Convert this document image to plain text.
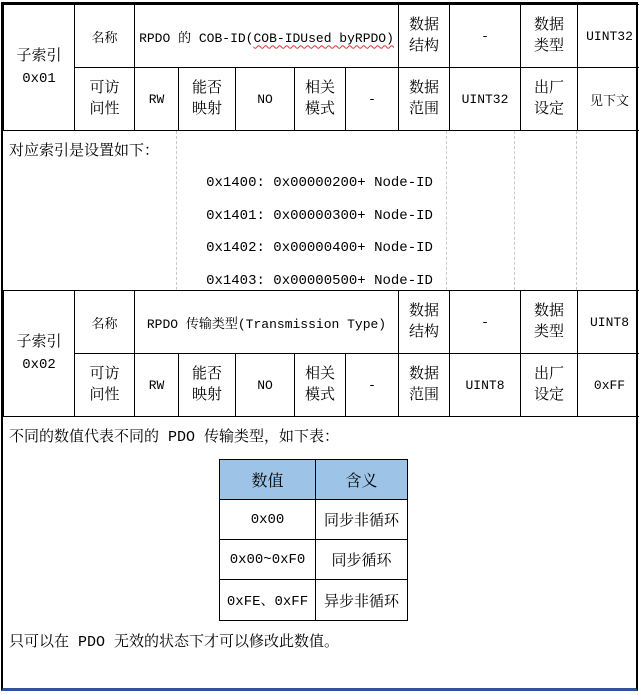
子索引
0x01	名称	RPDO 的 COB-ID(COB-IDUsed byRPDO)					数据结构	-	数据类型	UINT32
	可访问性	RW	能否映射	NO	相关模式	-	数据范围	UINT32	出厂设定	见下文
对应索引是设置如下：
0x1400: 0x00000200+ Node-ID
0x1401: 0x00000300+ Node-ID
0x1402: 0x00000400+ Node-ID
0x1403: 0x00000500+ Node-ID
子索引
0x02	名称	RPDO 传输类型(Transmission Type)					数据结构	-	数据类型	UINT8
	可访问性	RW	能否映射	NO	相关模式	-	数据范围	UINT8	出厂设定	0xFF
不同的数值代表不同的 PDO 传输类型，如下表：
数值	含义
0x00	同步非循环
0x00~0xF0	同步循环
0xFE、0xFF	异步非循环
只可以在 PDO 无效的状态下才可以修改此数值。
